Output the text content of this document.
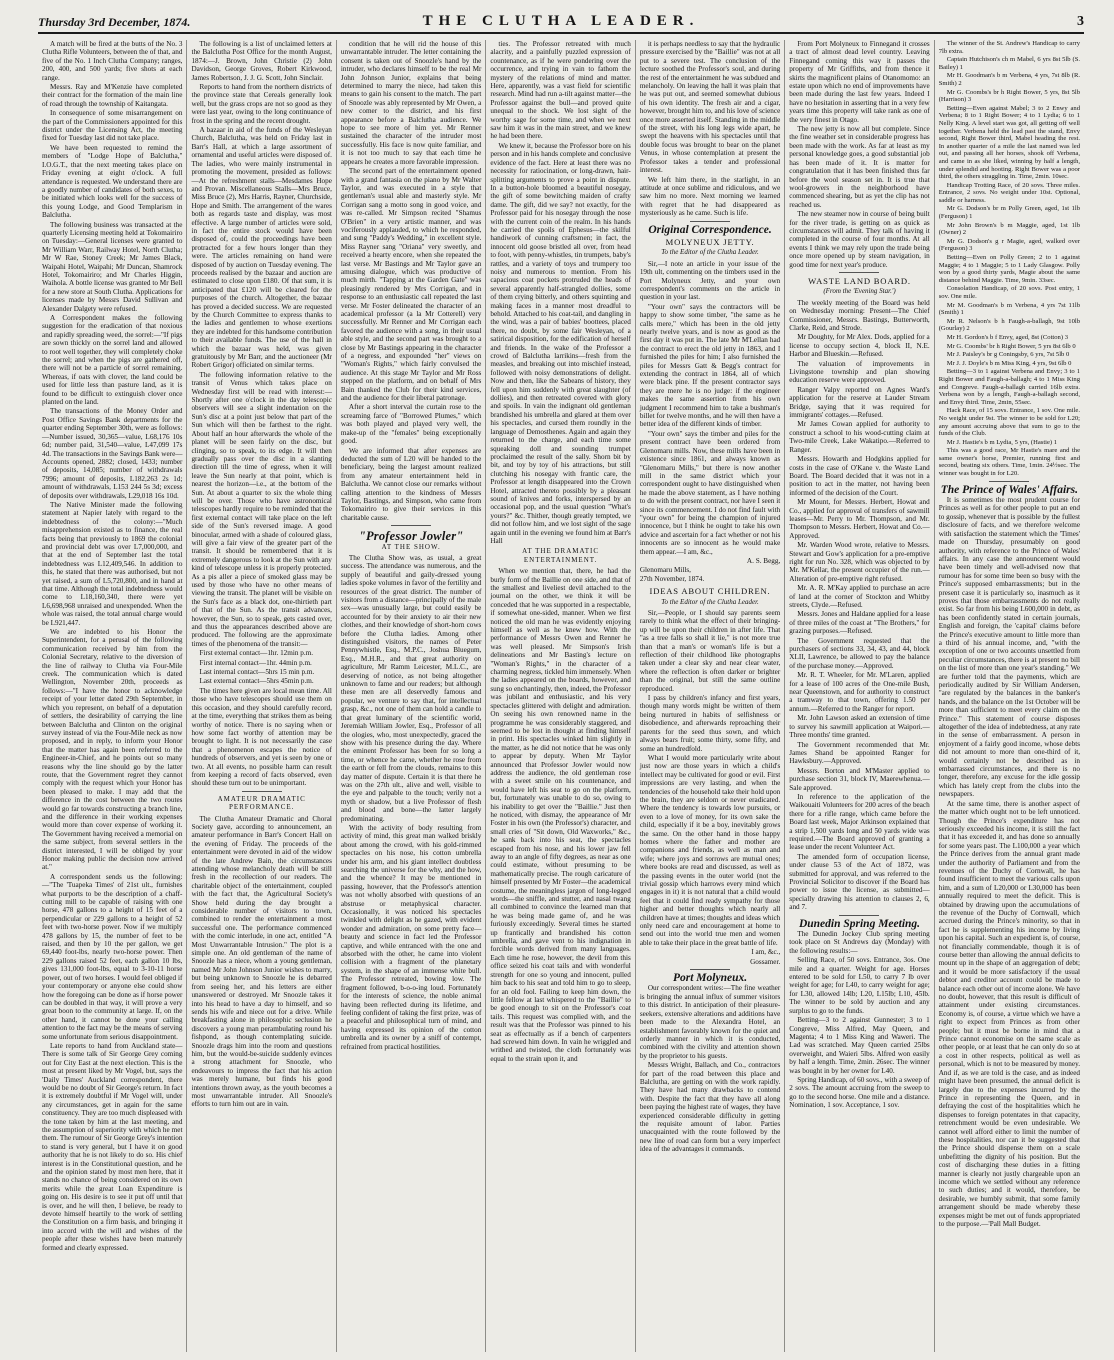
Thursday 3rd December, 1874.	THE CLUTHA LEADER.	3

A match will be fired at the butts of the No. 3 Clutha Rifle Volunteers, between the of that, and five of the No. 1 Inch Clutha Company; ranges, 200, 400, and 500 yards; five shots at each range.

Messrs. Ray and M'Kenzie have completed their contract for the formation of the main line of road through the township of Kaitangata.

In consequence of some misarrangement on the part of the Commissioners appointed for this district under the Licensing Act, the meeting fixed for Tuesday last did not take place.

We have been requested to remind the members of "Lodge Hope of Balclutha," I.O.G.T., that the next meeting takes place on Friday evening at eight o'clock. A full attendance is requested. We understand there are a goodly number of candidates of both sexes, to be initiated which looks well for the success of this young Lodge, and Good Templarism in Balclutha.

The following business was transacted at the quarterly Licensing meeting held at Tokomairiro on Tuesday:—General licenses were granted to Mr William Warr, Railway Hotel, North Clutha; Mr W Rae, Stoney Creek; Mr James Black, Waipahi Hotel, Waipahi; Mr Duncan, Shamrock Hotel, Tokomairiro; and Mr Charles Higgin, Waihola. A bottle license was granted to Mr Bell for a new store at South Clutha. Applications for licenses made by Messrs David Sullivan and Alexander Dalgety were refused.

A Correspondent makes the following suggestion for the eradication of that noxious and rapidly spreading weed, the sorrel:—"If pigs are sown thickly on the sorrel land and allowed to root well together, they will completely choke the sorrel; and when the pigs are gathered off, there will not be a particle of sorrel remaining. Whereas, if oats with clover, the land could be used for little less than pasture land, as it is found to be difficult to extinguish clover once planted on the land.

The transactions of the Money Order and Post Office Savings Bank departments for the quarter ending September 30th, were as follows:—Number issued, 30,365—value, L68,176 10s 6d; number paid, 31,540—value, L47,099 17s 4d. The transactions in the Savings Bank were—Accounts opened, 2882; closed, 1433; number of deposits, 14,085; number of withdrawals 7996; amount of deposits, L182,263 2s 1d; amount of withdrawals, L153 244 5s 3d; excess of deposits over withdrawals, L29,018 16s 10d.

The Native Minister made the following statement at Napier lately with regard to the indebtedness of the colony:—"Much misapprehension existed as to finance, the real facts being that previously to 1869 the colonial and provincial debt was over L7,000,000, and that at the end of September last the total indebtedness was L12,409,546. In addition to this, he stated that there was authorised, but not yet raised, a sum of L5,720,800, and in hand at that time. Although the total indebtedness would come to L18,160,340, there were yet L6,698,968 unraised and unexpended. When the whole was raised, the total annual charge would be L921,447.

We are indebted to his Honor the Superintendent, for a perusal of the following communication received by him from the Colonial Secretary, relative to the diversion of the line of railway to Clutha via Four-Mile creek. The communication which is dated Wellington, November 20th, proceeds as follows:—"I have the honor to acknowledge receipt of your letter dated 29th September, in which you represent, on behalf of a deputation of settlers, the desirability of carrying the line between Balclutha and Clinton on the original survey instead of via the Four-Mile neck as now proposed, and in reply, to inform your Honor that the matter has again been referred to the Engineer-in-Chief, and he points out so many reasons why the line should go by the latter route, that the Government regret they cannot comply with the request which your Honor has been pleased to make. I may add that the difference in the cost between the two routes would go far towards constructing a branch line, and the difference in their working expenses would more than cover expense of working it. The Government having received a memorial on the same subject, from several settlers in the district interested, I will be obliged by your Honor making public the decision now arrived at."

A correspondent sends us the following:—"The 'Tuapeka Times' of 21st ult., furnishes what purports to be the description of a chaff-cutting mill to be capable of raising with one horse, 478 gallons to a height of 15 feet of a perpendicular or 229 gallons to a height of 52 feet with two-horse power. Now if we multiply 478 gallons by 15, the number of feet to be raised, and then by 10 the per gallon, we get 69,440 foot-lbs, nearly two-horse power. Then 229 gallons raised 52 feet, each gallon 10 lbs, gives 131,000 foot-lbs, equal to 3-10-11 horse power, out of two horses. I would feel obliged if your contemporary or anyone else could show how the foregoing can be done as if horse power can be doubled in that way, it will prove a very great boon to the community at large. If, on the other hand, it cannot be done your calling attention to the fact may be the means of serving some unfortunate from serious disappointment.

Late reports to hand from Auckland state—There is some talk of Sir George Grey coming out for City East at the next election. This is the most at present liked by Mr Vogel, but, says the 'Daily Times' Auckland correspondent, there would be no doubt of Sir George's return. In fact it is extremely doubtful if Mr Vogel will, under any circumstances, get in again for the same constituency. They are too much displeased with the tone taken by him at the last meeting, and the assumption of superiority with which he met them. The rumour of Sir George Grey's intention to stand is very general, but I have it on good authority that he is not likely to do so. His chief interest is in the Constitutional question, and he and the opinion stated by most men here, that it stands no chance of being considered on its own merits while the great Loan Expenditure is going on. His desire is to see it put off until that is over, and he will then, I believe, be ready to devote himself heartily to the work of settling the Constitution on a firm basis, and bringing it into accord with the will and wishes of the people after these wishes have been maturely formed and clearly expressed.

The following is a list of unclaimed letters at the Balclutha Post Office for the month August, 1874:—J. Brown, John Christie (2) John Davidson, George Groves, Robert Kirkwood, James Robertson, J. J. G. Scott, John Sinclair.

Reports to hand from the northern districts of the province state that Cereals generally look well, but the grass crops are not so good as they were last year, owing to the long continuance of frost in the spring and the recent drought.

A bazaar in aid of the funds of the Wesleyan Church, Balclutha, was held on Friday last in Barr's Hall, at which a large assortment of ornamental and useful articles were disposed of. The ladies, who were mainly instrumental in promoting the movement, presided as follows:—At the refreshment stalls—Mesdames Hope and Provan. Miscellaneous Stalls—Mrs Bruce, Miss Bruce (2), Mrs Harris, Rayner, Churchside, Hope and Smith. The arrangement of the wares both as regards taste and display, was most effective. A large number of articles were sold, in fact the entire stock would have been disposed of, could the proceedings have been protracted for a few hours longer than they were. The articles remaining on hand were disposed of by auction on Tuesday evening. The proceeds realised by the bazaar and auction are estimated to close upon £180. Of that sum, it is anticipated that £120 will be cleared for the purposes of the church. Altogether, the bazaar has proved a decided success. We are requested by the Church Committee to express thanks to the ladies and gentlemen to whose exertions they are indebted for this handsome contribution to their available funds. The use of the hall in which the bazaar was held, was given gratuitously by Mr Barr, and the auctioneer (Mr Robert Grigor) officiated on similar terms.

The following information relative to the transit of Venus which takes place on Wednesday first will be read with interest:—Shortly after one o'clock in the day telescopic observers will see a slight indentation on the Sun's disc at a point just below that part of the Sun which will then be farthest to the right. About half an hour afterwards the whole of the planet will be seen fairly on the disc, but clinging, so to speak, to its edge. It will then gradually pass over the disc in a slanting direction till the time of egress, when it will leave the Sun nearly at that point, which is nearest the horizon—i.e., at the bottom of the Sun. At about a quarter to six the whole thing will be over. Those who have astronomical telescopes hardly require to be reminded that the first external contact will take place on the left side of the Sun's reversed image. A good binocular, armed with a shade of coloured glass, will give a fair view of the greater part of the transit. It should be remembered that it is extremely dangerous to look at the Sun with any kind of telescope unless it is properly protected. As a pis aller a piece of smoked glass may be used by those who have no other means of viewing the transit. The planet will be visible on the Sun's face as a black dot, one-thirtieth part of that of the Sun. As the transit advances, however, the Sun, so to speak, gets casted over, and thus the appearances described above are produced. The following are the approximate times of the phenomena of the transit:—

First external contact—1hr. 12min p.m.

First internal contact—1hr. 44min p.m.

Last internal contact—5hrs 15 min p.m.

Last external contact—5hrs 45min p.m.

The times here given are local mean time. All those who have telescopes should use them on this occasion, and they should carefully record, at the time, everything that strikes them as being worthy of notice. There is no saying when or how some fact worthy of attention may be brought to light. It is not necessarily the case that a phenomenon escapes the notice of hundreds of observers, and yet is seen by one or two. At all events, no possible harm can result from keeping a record of facts observed, even should these turn out to be unimportant.

AMATEUR DRAMATIC PERFORMANCE.

The Clutha Amateur Dramatic and Choral Society gave, according to announcement, an amateur performance in Barr's Concert Hall on the evening of Friday. The proceeds of the entertainment were devoted in aid of the widow of the late Andrew Bain, the circumstances attending whose melancholy death will be still fresh in the recollection of our readers. The charitable object of the entertainment, coupled with the fact that, the Agricultural Society's Show held during the day brought a considerable number of visitors to town, combined to render the entertainment a most successful one. The performance commenced with the comic interlude, in one act, entitled "A Most Unwarrantable Intrusion." The plot is a simple one. An old gentleman of the name of Snoozle has a niece, whom a young gentleman, named Mr John Johnson Junior wishes to marry, but being unknown to Snoozle he is debarred from seeing her, and his letters are either unanswered or destroyed. Mr Snoozle takes it into his head to have a day to himself, and so sends his wife and niece out for a drive. While breakfasting alone in philosophic seclusion he discovers a young man perambulating round his fishpond, as though contemplating suicide. Snoozle drags him into the room and questions him, but the would-be-suicide suddenly evinces a strong attachment for Snoozle, who endeavours to impress the fact that his action was merely humane, but finds his good intentions thrown away, as the youth becomes a most unwarrantable intruder. All Snoozle's efforts to turn him out are in vain.

condition that he will rid the house of this unwarrantable intruder. The letter containing the consent is taken out of Snoozle's hand by the intruder, who declares himself to be the real Mr John Johnson Junior, explains that being determined to marry the niece, had taken this means to gain his consent to the match. The part of Snoozle was ably represented by Mr Owen, a new comer to the district, and his first appearance before a Balclutha audience. We hope to see more of him yet. Mr Renner sustained the character of the intruder most successfully. His face is now quite familiar, and it is not too much to say that each time he appears he creates a more favorable impression.

The second part of the entertainment opened with a grand fantasia on the piano by Mr Walter Taylor, and was executed in a style that gentleman's usual able and masterly style. Mr Corrigan sang a motto song in good voice, and was re-called. Mr Simpson recited "Shamus O'Brien" in a very artistic manner, and was vociferously applauded, to which he responded, and sung "Paddy's Wedding," in excellent style. Miss Rayner sang "Oriana" very sweetly, and received a hearty encore, when she repeated the last verse. Mr Bastings and Mr Taylor gave an amusing dialogue, which was productive of much mirth. "Tapping at the Garden Gate" was pleasingly rendered by Mrs Corrigan, and in response to an enthusiastic call repeated the last verse. Mr Foster delineated the character of an academical professor (a la Mr Cotterell) very successfully. Mr Renner and Mr Corrigan each favored the audience with a song, in their usual able style, and the second part was brought to a close by Mr Bastings appearing in the character of a negress, and expounded "her" views on "Woman's Rights," which fairly convulsed the audience. At this stage Mr Taylor and Mr Ross stepped on the platform, and on behalf of Mrs Bain thanked the Club for their kind services, and the audience for their liberal patronage.

After a short interval the curtain rose to the screaming farce of "Borrowed Plumes," which was both played and played very well, the make-up of the "females" being exceptionally good.

We are informed that after expenses are deducted the sum of L20 will be handed to the beneficiary, being the largest amount realized from any amateur entertainment held in Balclutha. We cannot close our remarks without calling attention to the kindness of Messrs Taylor, Bastings, and Simpson, who came from Tokomairiro to give their services in this charitable cause.

"Professor Jowler"
AT THE SHOW.

The Clutha Show was, as usual, a great success. The attendance was numerous, and the supply of beautiful and gaily-dressed young ladies spoke volumes in favor of the fertility and resources of the great district. The number of visitors from a distance—principally of the male sex—was unusually large, but could easily be accounted for by their anxiety to air their new clothes, and their knowledge of short-horn cows before the Clutha ladies. Among other distinguished visitors, the names of Peter Pennywhistle, Esq., M.P.C., Joshua Bluegum, Esq., M.H.R., and that great authority on agriculture, Mr Ramm Leicester, M.L.C., are deserving of notice, as not being altogether unknown to fame and our readers; but although these men are all deservedly famous and popular, we venture to say that, for intellectual grasp, &c., not one of them can hold a candle to that great luminary of the scientific world, Jeremiah William Jowler, Esq., Professor of all the ologies, who, most unexpectedly, graced the show with his presence during the day. Where the eminent Professor has been for so long a time, or whence he came, whether he rose from the earth or fell from the clouds, remains to this day matter of dispute. Certain it is that there he was on the 27th ult., alive and well, visible to the eye and palpable to the touch; verily not a myth or shadow, but a live Professor of flesh and blood and bone—the latter largely predominating.

With the activity of body resulting from activity of mind, this great man walked briskly about among the crowd, with his gold-rimmed spectacles on his nose, his cotton umbrella under his arm, and his giant intellect doubtless searching the universe for the why, and the how, and the whence? It may be mentioned in passing, however, that the Professor's attention was not wholly absorbed with questions of an abstruse or metaphysical character. Occasionally, it was noticed his spectacles twinkled with delight as he gazed, with evident wonder and admiration, on some pretty face—beauty and science in fact led the Professor captive, and while entranced with the one and absorbed with the other, he came into violent collision with a fragment of the planetary system, in the shape of an immense white bull. The Professor retreated, bowing low. The fragment followed, b-o-o-ing loud. Fortunately for the interests of science, the noble animal having been reflected during its lifetime, and feeling confident of taking the first prize, was of a peaceful and philosophical turn of mind, and having expressed its opinion of the cotton umbrella and its owner by a sniff of contempt, refrained from practical hostilities.

ties. The Professor retreated with much alacrity, and a painfully puzzled expression of countenance, as if he were pondering over the occurrence, and trying in vain to fathom the mystery of the relations of mind and matter. Here, apparently, was a vast field for scientific research. Mind had run a-tilt against matter—the Professor against the bull—and proved quite unequal to the shock. We lost sight of the worthy sage for some time, and when we next saw him it was in the main street, and we knew he had been there.

We knew it, because the Professor bore on his person and in his hands complete and conclusive evidence of the fact. Here at least there was no necessity for ratiocination, or long-drawn, hair-splitting arguments to prove a point in dispute. In a button-hole bloomed a beautiful nosegay, the gift of some bewitching maiden of crafty dame. The gift, did we say? not exactly, for the Professor paid for his nosegay through the nose with the current coin of the realm. In his hands he carried the spoils of Ephesus—the skilful handiwork of cunning craftsmen; in fact, the innocent old goose bristled all over, from head to foot, with penny-whistles, tin trumpets, baby's rattles, and a variety of toys and trumpery too noisy and numerous to mention. From his capacious coat pockets protruded the heads of several apparently half-strangled dollies, some of them crying bitterly, and others squinting and making faces in a manner most dreadful to behold. Attached to his coat-tail, and dangling in the wind, was a pair of babies' boottees, placed there, no doubt, by some fair Wesleyan, of a satirical disposition, for the edification of herself and friends. In the wake of the Professor a crowd of Balclutha larrikins—fresh from the measles, and breaking out into mischief instead, followed with noisy demonstrations of delight. Now and then, like the Sabeans of history, they fell upon him suddenly with great slaughter (of dollies), and then retreated covered with glory and spoils. In vain the indignant old gentleman brandished his umbrella and glared at them over his spectacles, and cursed them roundly in the language of Demosthenes. Again and again they returned to the charge, and each time some squeaking doll and sounding trumpet proclaimed the result of the sally. Shorn bit by bit, and toy by toy of his attractions, but still clutching his nosegay with frantic care, the Professor at length disappeared into the Crown Hotel, attracted thereto possibly by a pleasant sound of knives and forks, interspersed by an occasional pop, and the usual question "What's yours?" &c. Thither, though greatly tempted, we did not follow him, and we lost sight of the sage again until in the evening we found him at Barr's Hall

AT THE DRAMATIC ENTERTAINMENT.

When we mention that, there, he had the burly form of the Baillie on one side, and that of the smallest and liveliest devil attached to the journal on the other, we think it will be conceded that he was supported in a respectable, if somewhat one-sided, manner. When we first noticed the old man he was evidently enjoying himself as well as he knew how. With the performance of Messrs Owen and Renner he was well pleased. Mr Simpson's Irish delineations and Mr Basting's lecture on "Woman's Rights," in the character of a charming negress, tickled him immensely. When the ladies appeared on the boards, however, and sung so enchantingly, then, indeed, the Professor was jubilant and enthusiastic, and his very spectacles glittered with delight and admiration. On seeing his own renowned name in the programme he was considerably staggered, and seemed to be lost in thought at finding himself in print. His spectacles winked him slightly in the matter, as he did not notice that he was only to appear by deputy. When Mr Taylor announced that Professor Jowler would now address the audience, the old gentleman rose with a sweet smile on his countenance, and would have left his seat to go on the platform, but, fortunately was unable to do so, owing to his inability to get over the "Baillie." Just then he noticed, with dismay, the appearance of Mr Foster in his own (the Professor's) character, and small cries of "Sit down, Old Waxworks," &c., he sank back into his seat, the spectacles escaped from his nose, and his lower jaw fell away to an angle of fifty degrees, as near as one could estimate, without presuming to be mathematically precise. The rough caricature of himself presented by Mr Foster—the academical costume, the meaningless jargon of long-legged words—the sniffle, and stutter, and nasal twang all combined to convince the learned man that he was being made game of, and he was furiously exceedingly. Several times he started up frantically and brandished his cotton umbrella, and gave vent to his indignation in forcible words derived from many languages. Each time he rose, however, the devil from this office seized his coat tails and with wonderful strength for one so young and innocent, pulled him back to his seat and told him to go to sleep, for an old fool. Failing to keep him down, the little fellow at last whispered to the "Baillie" to be good enough to sit on the Professor's coat tails. This request was complied with, and the result was that the Professor was pinned to his seat as effectually as if a bench of carpenters had screwed him down. In vain he wriggled and writhed and twisted, the cloth fortunately was equal to the strain upon it, and

it is perhaps needless to say that the hydraulic pressure exercised by the "Baillie" was not at all put to a severe test. The conclusion of the lecture soothed the Professor's soul, and during the rest of the entertainment he was subdued and melancholy. On leaving the hall it was plain that he was put out, and seemed somewhat dubious of his own identity. The fresh air and a cigar, however, brought him to, and his love of science once more asserted itself. Standing in the middle of the street, with his long legs wide apart, he swept the heavens with his spectacles until that double focus was brought to bear on the planet Venus, in whose contemplation at present the Professor takes a tender and professional interest.

We left him there, in the starlight, in an attitude at once sublime and ridiculous, and we saw him no more. Next morning we learned with regret that he had disappeared as mysteriously as he came. Such is life.

Original Correspondence.
MOLYNEUX JETTY.
To the Editor of the Clutha Leader.

Sir,—I note an article in your issue of the 19th ult, commenting on the timbers used in the Port Molyneux Jetty, and your own correspondent's comments on the article in question in your last.

"Your own" says the contractors will be happy to show some timber, "the same as he calls mere," which has been in the old jetty nearly twelve years, and is now as good as the first day it was put in. The late Mr M'Lellan had the contract to erect the old jetty in 1863, and I furnished the piles for him; I also furnished the piles for Messrs Gatt & Begg's contract for extending the contract in 1864, all of which were black pine. If the present contractor says they are mere he is no judge: if the engineer makes the same assertion from his own judgment I recommend him to take a bushman's billet for twelve months, and he will then have a better idea of the different kinds of timber.

"Your own" says the timber and piles for the present contract have been ordered from Glenomaru mills. Now, these mills have been in existence since 1861, and always known as "Glenomaru Mills," but there is now another mill in the same district which your correspondent ought to have distinguished when he made the above statement, as I have nothing to do with the present contract, nor have I seen it since its commencement. I do not find fault with "your own" for being the champion of injured innocence, but I think he ought to take his own advice and ascertain for a fact whether or not his innocents are so innocent as he would make them appear.—I am, &c.,

A. S. Begg,
Glenomaru Mills,
27th November, 1874.
IDEAS ABOUT CHILDREN.
To the Editor of the Clutha Leader.

Sir,—People, or I should say parents seem rarely to think what the effect of their bringing-up will be upon their children in after life. That "as a tree falls so shall it lie," is not more true than that a man's or woman's life is but a reflection of their childhood like photographs taken under a clear sky and near clear water, where the reflection is often darker or brighter than the original, but still the same outline reproduced.

I pass by children's infancy and first years, though many words might be written of them being nurtured in habits of selfishness or disobedience, and afterwards reproaching their parents for the seed thus sown, and which always bears fruit; some thirty, some fifty, and some an hundredfold.

What I would more particularly write about just now are those years in which a child's intellect may be cultivated for good or evil. First impressions are very lasting, and when the tendencies of the household take their hold upon the brain, they are seldom or never eradicated. Where the tendency is towards low pursuits, or even to a love of money, for its own sake the child, especially if it be a boy, inevitably grows the same. On the other hand in those happy homes where the father and mother are companions and friends, as well as man and wife; where joys and sorrows are mutual ones; where books are read and discussed, as well as the passing events in the outer world (not the trivial gossip which harrows every mind which engages in it) it is not natural that a child would feel that it could find ready sympathy for those higher and better thoughts which nearly all children have at times; thoughts and ideas which only need care and encouragement at home to send out into the world true men and women able to take their place in the great battle of life.

I am, &c.,
Gossamer.
Port Molyneux.

Our correspondent writes:—The fine weather is bringing the annual influx of summer visitors to this district. In anticipation of their pleasure-seekers, extensive alterations and additions have been made to the Alexandra Hotel, an establishment favorably known for the quiet and orderly manner in which it is conducted, combined with the civility and attention shown by the proprietor to his guests.

Messrs Wright, Ballach, and Co., contractors for part of the road between this place and Balclutha, are getting on with the work rapidly. They have had many drawbacks to contend with. Despite the fact that they have all along been paying the highest rate of wages, they have experienced considerable difficulty in getting the requisite amount of labor. Parties unacquainted with the route followed by the new line of road can form but a very imperfect idea of the advantages it commands.

From Port Molyneux to Finnegand it crosses a tract of almost dead level country. Leaving Finnegand coming this way it passes the property of Mr Griffiths, and from thence it skirts the magnificent plains of Otanomomo: an estate upon which no end of improvements have been made during the last few years. Indeed I have no hesitation in asserting that in a very few years time this property will take rank as one of the very finest in Otago.

The new jetty is now all but complete. Since the fine weather set in considerable progress has been made with the work. As far at least as my personal knowledge goes, a good substantial job has been made of it. It is matter for congratulation that it has been finished thus far before the wool season set in. It is true that wool-growers in the neighborhood have commenced shearing, but as yet the clip has not reached us.

The new steamer now in course of being built for the river trade, is getting on as quick as circumstances will admit. They talk of having it completed in the course of four months. At all events I think we may rely upon the trade being once more opened up by steam navigation, in good time for next year's produce.

WASTE LAND BOARD.
(From the 'Evening Star.')

The weekly meeting of the Board was held on Wednesday morning: Present—The Chief Commissioner, Messrs. Bastings, Butterworth, Clarke, Reid, and Strode.

Mr Doughty, for Mr Alex. Dods, applied for a license to occupy section 4, block II, N.E. Harbor and Blueskin.—Refused.

The valuation of improvements in Livingstone township and plan showing education reserve were approved.

Ranger Valpy reported on Agnes Ward's application for the reserve at Lauder Stream Bridge, saying that it was required for immigrants' cottages.—Refused.

Mr James Cowan applied for authority to construct a school to his wood-cutting claim at Two-mile Creek, Lake Wakatipo.—Referred to Ranger.

Messrs. Howarth and Hodgkins applied for costs in the case of O'Kane v. the Waste Land Board. The Board decided that it was not in a position to act in the matter, not having been informed of the decision of the Court.

Mr Mount, for Messrs. Herbert, Howat and Co., applied for approval of transfers of sawmill leases—Mr. Perry to Mr. Thompson, and Mr. Thompson to Messrs. Herbert, Howat and Co.—Approved.

Mr. Warden Wood wrote, relative to Messrs. Stewart and Gow's application for a pre-emptive right for run No. 328, which was objected to by Mr. M'Kellar, the present occupier of the run.—Alteration of pre-emptive right refused.

Mr. A. R. M'Kay applied to purchase an acre of land at the corner of Stockton and Whitby streets, Clyde.—Refused.

Messrs. Jones and Haldane applied for a lease of three miles of the coast at "The Brothers," for grazing purposes.—Refused.

The Government requested that the purchasers of sections 33, 34, 43, and 44, block XLII, Lawrence, be allowed to pay the balance of the purchase money.—Approved.

Mr. R. T. Wheeler, for Mr. M'Laren, applied for a lease of 100 acres of the One-mile Bush, near Queenstown, and for authority to construct a tramway to that town, offering 1.50 per annum.—Referred to the Ranger for report.

Mr. John Lawson asked an extension of time to survey his sawmill application at Waipori.—Three months' time granted.

The Government recommended that Mr. James Shand be appointed Ranger for Hawksbury.—Approved.

Messrs. Borton and M'Master applied to purchase section 31, block IV, Maerewhenua.—Sale approved.

In reference to the application of the Waikouaiti Volunteers for 200 acres of the beach there for a rifle range, which came before the Board last week, Major Atkinson explained that a strip 1,500 yards long and 50 yards wide was required.—The Board approved of granting a lease under the recent Volunteer Act.

The amended form of occupation license, under clause 53 of the Act of 1872, was submitted for approval, and was referred to the Provincial Solicitor to discover if the Board has power to issue the license, as submitted—specially drawing his attention to clauses 2, 6, and 7.

Dunedin Spring Meeting.

The Dunedin Jockey Club spring meeting took place on St Andrews day (Monday) with the following results:—

Selling Race, of 50 sovs. Entrance, 3os. One mile and a quarter. Weight for age. Horses entered to be sold for L50, to carry 7 lb over weight for age; for L40, to carry weight for age; for L30, allowed 14lb; L20, L15lb; L10, 45lb. The winner to be sold by auction and any surplus to go to the funds.

Betting—3 to 2 against Gunnester; 3 to 1 Congreve, Miss Alfred, May Queen, and Magenta; 4 to 1 Miss King and Waweri. The Lad was scratched. May Queen carried 25lbs overweight, and Waieri 5lbs. Alfred won easily by half a length. Time, 2min. 26sec. The winner was bought in by her owner for L40.

Spring Handicap, of 60 sovs., with a sweep of 2 sovs. The amount accruing from the sweep to go to the second horse. One mile and a distance. Nomination, 1 sov. Acceptance, 1 sov.

The winner of the St. Andrew's Handicap to carry 7lb extra.

Captain Hutchison's ch m Mabel, 6 yrs 8st 5lb (S. Bailey) 1

Mr H. Goodman's b m Verbena, 4 yrs, 7st 8lb (R. Smith) 2

Mr G. Coombs's br h Right Bower, 5 yrs, 8st 5lb (Harrison) 3

Betting—Even against Mabel; 3 to 2 Enwy and Verbena; 8 to 1 Right Bower; 4 to 1 Lydia; 6 to 1 Nelly King. A level start was got, all getting off well together. Verbena held the lead past the stand, Envy second, Right Bower third, Mabel heading the rest. In another quarter of a mile the last named was led out, and passing all her horses, shook off Verbena, and came in as she liked, winning by half a length, under splendid and hooting. Right Bower was a poor third, the others straggling in. Time, 2min. 10sec.

Handicap Trotting Race, of 20 sovs. Three miles. Entrance, 2 sovs. No weight under 10st. Optional, saddle or harness.

Mr G. Dodson's br m Polly Green, aged, 1st 1lb (Ferguson) 1

Mr John Brown's b m Maggie, aged, 1st 1lb (Owner) 2

Mr G. Dodson's g r Magie, aged, walked over (Ferguson) 3

Betting—Even on Polly Green; 2 to 1 against Maggie; 4 to 1 Maggie; 5 to 1 Lady Glasgow. Polly won by a good thirty yards, Magie about the same distance behind Maggie. Time, 9min. 33sec.

Consolation Handicap, of 20 sovs. Post entry, 1 sov. One mile.

Mr M. Goodman's b m Verbena, 4 yrs 7st 11lb (Smith) 1

Mr R. Nelson's b h Faugh-a-ballagh, 9st 10lb (Gourlay) 2

Mr H. Gordon's b f Envy, aged, 8st (Cotton) 3

Mr G. Coombs' br h Right Bower, 5 yrs 8st 6lb 0

Mr J. Paisley's br g Coningsby, 6 yrs, 7st 5lb 0

Mr J. J. Doyle's b m Miss King, 4 yrs, 9st 6lb 0

Betting—3 to 1 against Verbena and Envy; 3 to 1 Right Bower and Faugh-a-ballagh; 4 to 1 Miss King and Congreve. Faugh-a-ballagh carried 16lb extra. Verbena won by a length, Faugh-a-ballagh second, and Envy third. Time, 2min, 55sec.

Hack Race, of 15 sovs. Entrance, 1 sov. One mile. No weight under 9st. The winner to be sold for L20; any amount accruing above that sum to go to the funds of the Club.

Mr J. Hastie's b m Lydia, 5 yrs, (Hastie) 1

This was a good race, Mr Hastie's mare and the same owner's horse, Premier, running first and second, beating six others. Time, 1min. 24½sec. The winner was bought in for L20.

The Prince of Wales' Affairs.

It is sometimes the most prudent course for Princes as well as for other people to put an end to gossip, whenever that is possible by the fullest disclosure of facts, and we therefore welcome with satisfaction the statement which the 'Times' made on Thursday, presumably on good authority, with reference to the Prince of Wales' affairs. In any case the announcement would have been timely and well-advised now that rumour has for some time been so busy with the Prince's supposed embarrassments; but in the present case it is particularly so, inasmuch as it proves that those embarrassments do not really exist. So far from his being L600,000 in debt, as has been confidently stated in certain journals, English and foreign, the 'capital' claims before the Prince's executive amount to little more than a third of his annual income, and, "with the exception of one or two accounts unsettled from peculiar circumstances, there is at present no bill on the list of more than one year's standing." We are further told that the payments, which are periodically audited by Sir William Andersen, "are regulated by the balances in the banker's hands, and the balance on the 1st October will be more than sufficient to meet every claim on the Prince." This statement of course disposes altogether of the idea of indebtedness, at any rate in the sense of embarrassment. A person in enjoyment of a fairly good income, whose debts did not amount to more than one-third of it, would certainly not be described as in embarrassed circumstances, and there is no longer, therefore, any excuse for the idle gossip which has lately crept from the clubs into the newspapers.

At the same time, there is another aspect of the matter which ought not to be left unnoticed. Though the Prince's expenditure has not seriously exceeded his income, it is still the fact that it has exceeded it, and has done so annually for some years past. The L100,000 a year which the Prince derives from the annual grant made under the authority of Parliament and from the revenues of the Duchy of Cornwall, he has found insufficient to meet the various calls upon him, and a sum of L20,000 or L30,000 has been annually required to meet the deficit. This is obtained by drawing upon the accumulations of the revenue of the Duchy of Cornwall, which accrued during the Prince's minority, so that in fact he is supplementing his income by living upon his capital. Such an expedient is, of course, not financially commendable, though it is of course better than allowing the annual deficits to mount up in the shape of an aggregation of debt; and it would be more satisfactory if the usual debtor and creditor account could be made to balance each other out of income alone. We have no doubt, however, that this result is difficult of attainment under existing circumstances. Economy is, of course, a virtue which we have a right to expect from Princes as from other people; but it must be borne in mind that a Prince cannot economise on the same scale as other people, or at least that he can only do so at a cost in other respects, political as well as personal, which is not to be measured by money. And if, as we are told is the case, and as indeed might have been presumed, the annual deficit is largely due to the expenses incurred by the Prince in representing the Queen, and in defraying the cost of the hospitalities which he dispenses to foreign potentates in that capacity, retrenchment would be even undesirable. We cannot well afford either to limit the number of these hospitalities, nor can it be suggested that the Prince should dispense them on a scale unbefitting the dignity of his position. But the cost of discharging these duties in a fitting manner is clearly not justly chargeable upon an income which we settled without any reference to such duties; and it would, therefore, be desirable, we humbly submit, that some family arrangement should be made whereby these expenses might be met out of funds appropriated to the purpose.—'Pall Mall Budget.
